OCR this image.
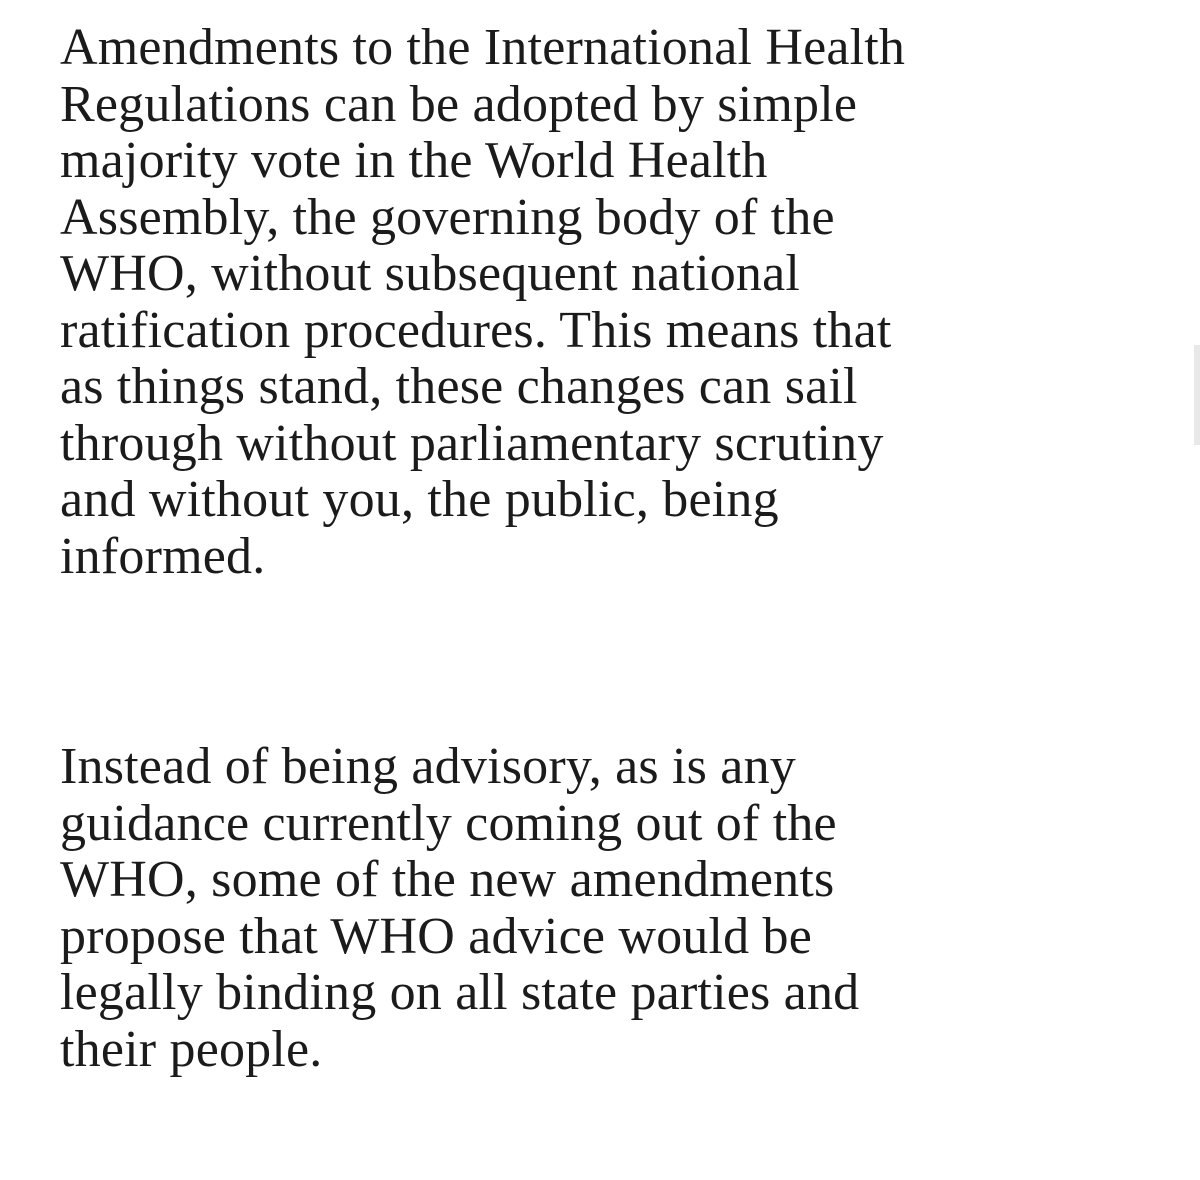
Amendments to the International Health
Regulations can be adopted by simple
majority vote in the World Health
Assembly, the governing body of the
WHO, without subsequent national
ratification procedures. This means that
as things stand, these changes can sail
through without parliamentary scrutiny
and without you, the public, being
informed.

Instead of being advisory, as is any
guidance currently coming out of the
WHO, some of the new amendments
propose that WHO advice would be
legally binding on all state parties and
their people.
